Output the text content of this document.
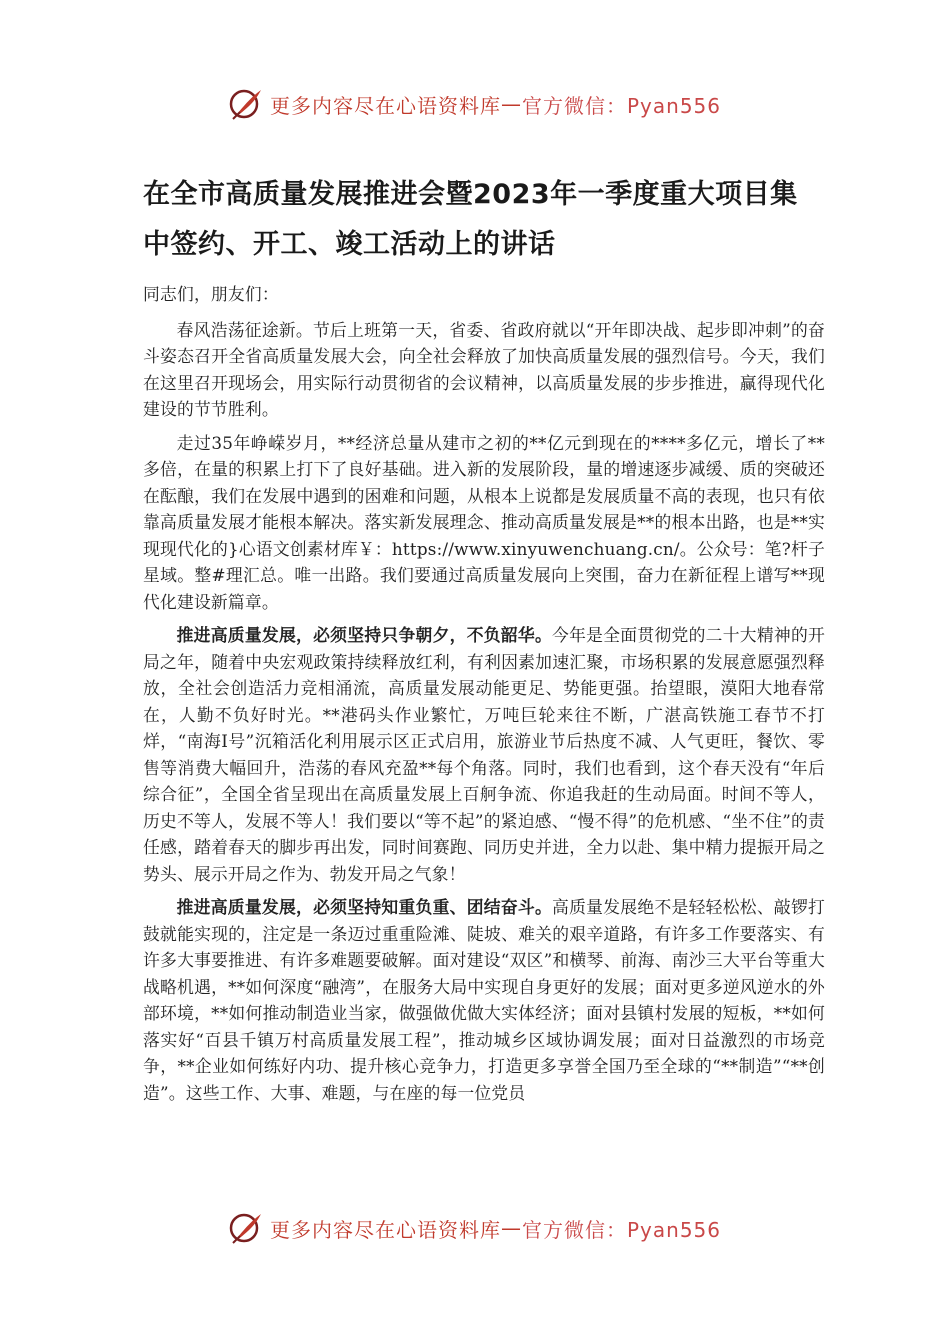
更多内容尽在心语资料库 — 官方微信：Pyan556
在全市高质量发展推进会暨2023年一季度重大项目集中签约、开工、竣工活动上的讲话

同志们，朋友们：

春风浩荡征途新。节后上班第一天，省委、省政府就以“开年即决战、起步即冲刺”的奋斗姿态召开全省高质量发展大会，向全社会释放了加快高质量发展的强烈信号。今天，我们在这里召开现场会，用实际行动贯彻省的会议精神，以高质量发展的步步推进，赢得现代化建设的节节胜利。

走过35年峥嵘岁月，**经济总量从建市之初的**亿元到现在的****多亿元，增长了**多倍，在量的积累上打下了良好基础。进入新的发展阶段，量的增速逐步减缓、质的突破还在酝酿，我们在发展中遇到的困难和问题，从根本上说都是发展质量不高的表现，也只有依靠高质量发展才能根本解决。落实新发展理念、推动高质量发展是**的根本出路，也是**实现现代化的}心语文创素材库￥：https://www.xinyuwenchuang.cn/。公众号：笔?杆子星域。整#理汇总。唯一出路。我们要通过高质量发展向上突围，奋力在新征程上谱写**现代化建设新篇章。

推进高质量发展，必须坚持只争朝夕，不负韶华。今年是全面贯彻党的二十大精神的开局之年，随着中央宏观政策持续释放红利，有利因素加速汇聚，市场积累的发展意愿强烈释放，全社会创造活力竞相涌流，高质量发展动能更足、势能更强。抬望眼，漠阳大地春常在，人勤不负好时光。**港码头作业繁忙，万吨巨轮来往不断，广湛高铁施工春节不打烊，“南海Ⅰ号”沉箱活化利用展示区正式启用，旅游业节后热度不减、人气更旺，餐饮、零售等消费大幅回升，浩荡的春风充盈**每个角落。同时，我们也看到，这个春天没有“年后综合征”，全国全省呈现出在高质量发展上百舸争流、你追我赶的生动局面。时间不等人，历史不等人，发展不等人！我们要以“等不起”的紧迫感、“慢不得”的危机感、“坐不住”的责任感，踏着春天的脚步再出发，同时间赛跑、同历史并进，全力以赴、集中精力提振开局之势头、展示开局之作为、勃发开局之气象！

推进高质量发展，必须坚持知重负重、团结奋斗。高质量发展绝不是轻轻松松、敲锣打鼓就能实现的，注定是一条迈过重重险滩、陡坡、难关的艰辛道路，有许多工作要落实、有许多大事要推进、有许多难题要破解。面对建设“双区”和横琴、前海、南沙三大平台等重大战略机遇，**如何深度“融湾”，在服务大局中实现自身更好的发展；面对更多逆风逆水的外部环境，**如何推动制造业当家，做强做优做大实体经济；面对县镇村发展的短板，**如何落实好“百县千镇万村高质量发展工程”，推动城乡区域协调发展；面对日益激烈的市场竞争，**企业如何练好内功、提升核心竞争力，打造更多享誉全国乃至全球的“**制造”“**创造”。这些工作、大事、难题，与在座的每一位党员

更多内容尽在心语资料库 — 官方微信：Pyan556
